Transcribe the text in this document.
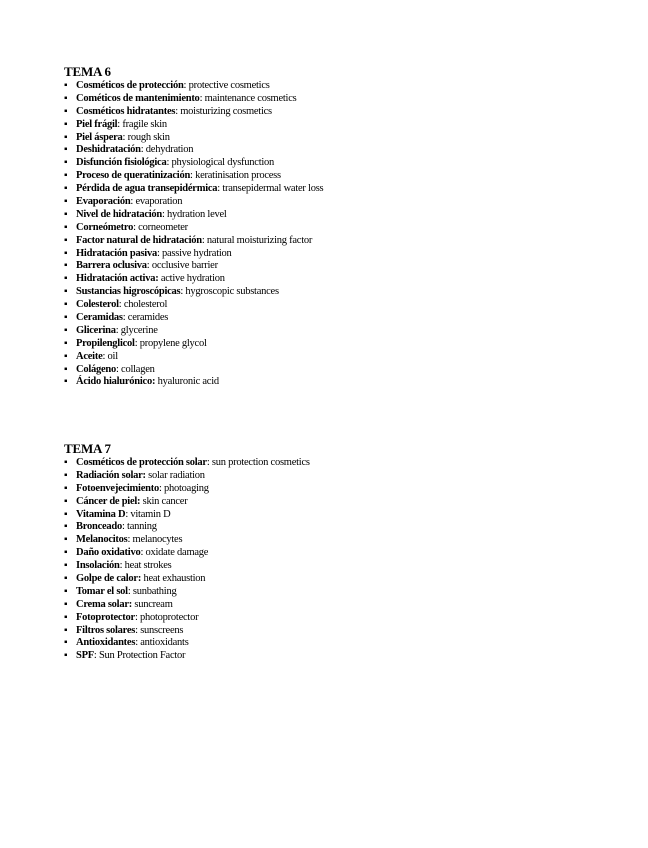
TEMA 6
▪ Cosméticos de protección: protective cosmetics
▪ Cométicos de mantenimiento: maintenance cosmetics
▪ Cosméticos hidratantes: moisturizing cosmetics
▪ Piel frágil: fragile skin
▪ Piel áspera: rough skin
▪ Deshidratación: dehydration
▪ Disfunción fisiológica: physiological dysfunction
▪ Proceso de queratinización: keratinisation process
▪ Pérdida de agua transepidérmica: transepidermal water loss
▪ Evaporación: evaporation
▪ Nivel de hidratación: hydration level
▪ Corneómetro: corneometer
▪ Factor natural de hidratación: natural moisturizing factor
▪ Hidratación pasiva: passive hydration
▪ Barrera oclusiva: occlusive barrier
▪ Hidratación activa: active hydration
▪ Sustancias higroscópicas: hygroscopic substances
▪ Colesterol: cholesterol
▪ Ceramidas: ceramides
▪ Glicerina: glycerine
▪ Propilenglicol: propylene glycol
▪ Aceite: oil
▪ Colágeno: collagen
▪ Ácido hialurónico: hyaluronic acid
TEMA 7
▪ Cosméticos de protección solar: sun protection cosmetics
▪ Radiación solar: solar radiation
▪ Fotoenvejecimiento: photoaging
▪ Cáncer de piel: skin cancer
▪ Vitamina D: vitamin D
▪ Bronceado: tanning
▪ Melanocitos: melanocytes
▪ Daño oxidativo: oxidate damage
▪ Insolación: heat strokes
▪ Golpe de calor: heat exhaustion
▪ Tomar el sol: sunbathing
▪ Crema solar: suncream
▪ Fotoprotector: photoprotector
▪ Filtros solares: sunscreens
▪ Antioxidantes: antioxidants
▪ SPF: Sun Protection Factor
